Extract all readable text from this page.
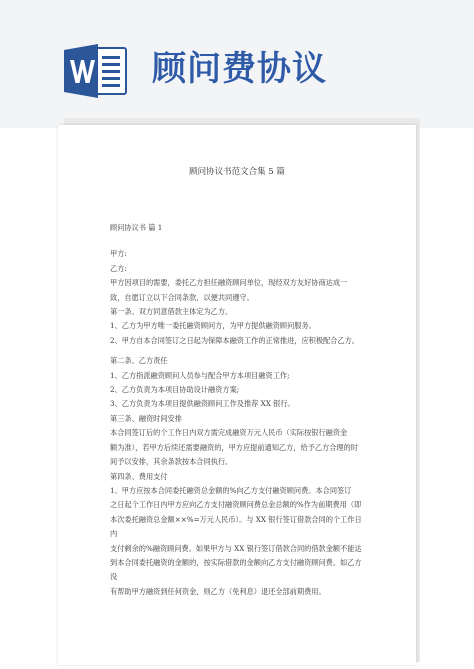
顾问费协议
顾问协议书范文合集 5 篇

顾问协议书 篇 1

甲方:

乙方:

甲方因项目的需要，委托乙方担任融资顾问单位，现经双方友好协商达成一

致，自愿订立以下合同条款，以便共同遵守。

第一条、双方同意借款主体定为乙方。

1、乙方为甲方唯一委托融资顾问方，为甲方提供融资顾问服务。

2、甲方自本合同签订之日起为保障本融资工作的正常推进，应积极配合乙方。

第二条、乙方责任

1、乙方指派融资顾问人员参与配合甲方本项目融资工作;

2、乙方负责为本项目协助设计融资方案;

3、乙方负责为本项目提供融资顾问工作及推荐 XX 银行。

第三条、融资时间安排

本合同签订后的个工作日内双方需完成融资万元人民币（实际按银行融资金

额为准），若甲方后续还需要融资的，甲方应提前通知乙方，给予乙方合理的时

间予以安排，其余条款按本合同执行。

第四条、费用支付

1、甲方应按本合同委托融资总金额的%向乙方支付融资顾问费。本合同签订

之日起个工作日内甲方应向乙方支付融资顾问费总金总额的%作为前期费用（即

本次委托融资总金额××%=万元人民币）。与 XX 银行签订借款合同的个工作日内

支付剩余的%融资顾问费。如果甲方与 XX 银行签订借款合同的借款金额不能达

到本合同委托融资的金额的，按实际借款的金额向乙方支付融资顾问费。如乙方没

有帮助甲方融资到任何资金，则乙方（免利息）退还全部前期费用。
